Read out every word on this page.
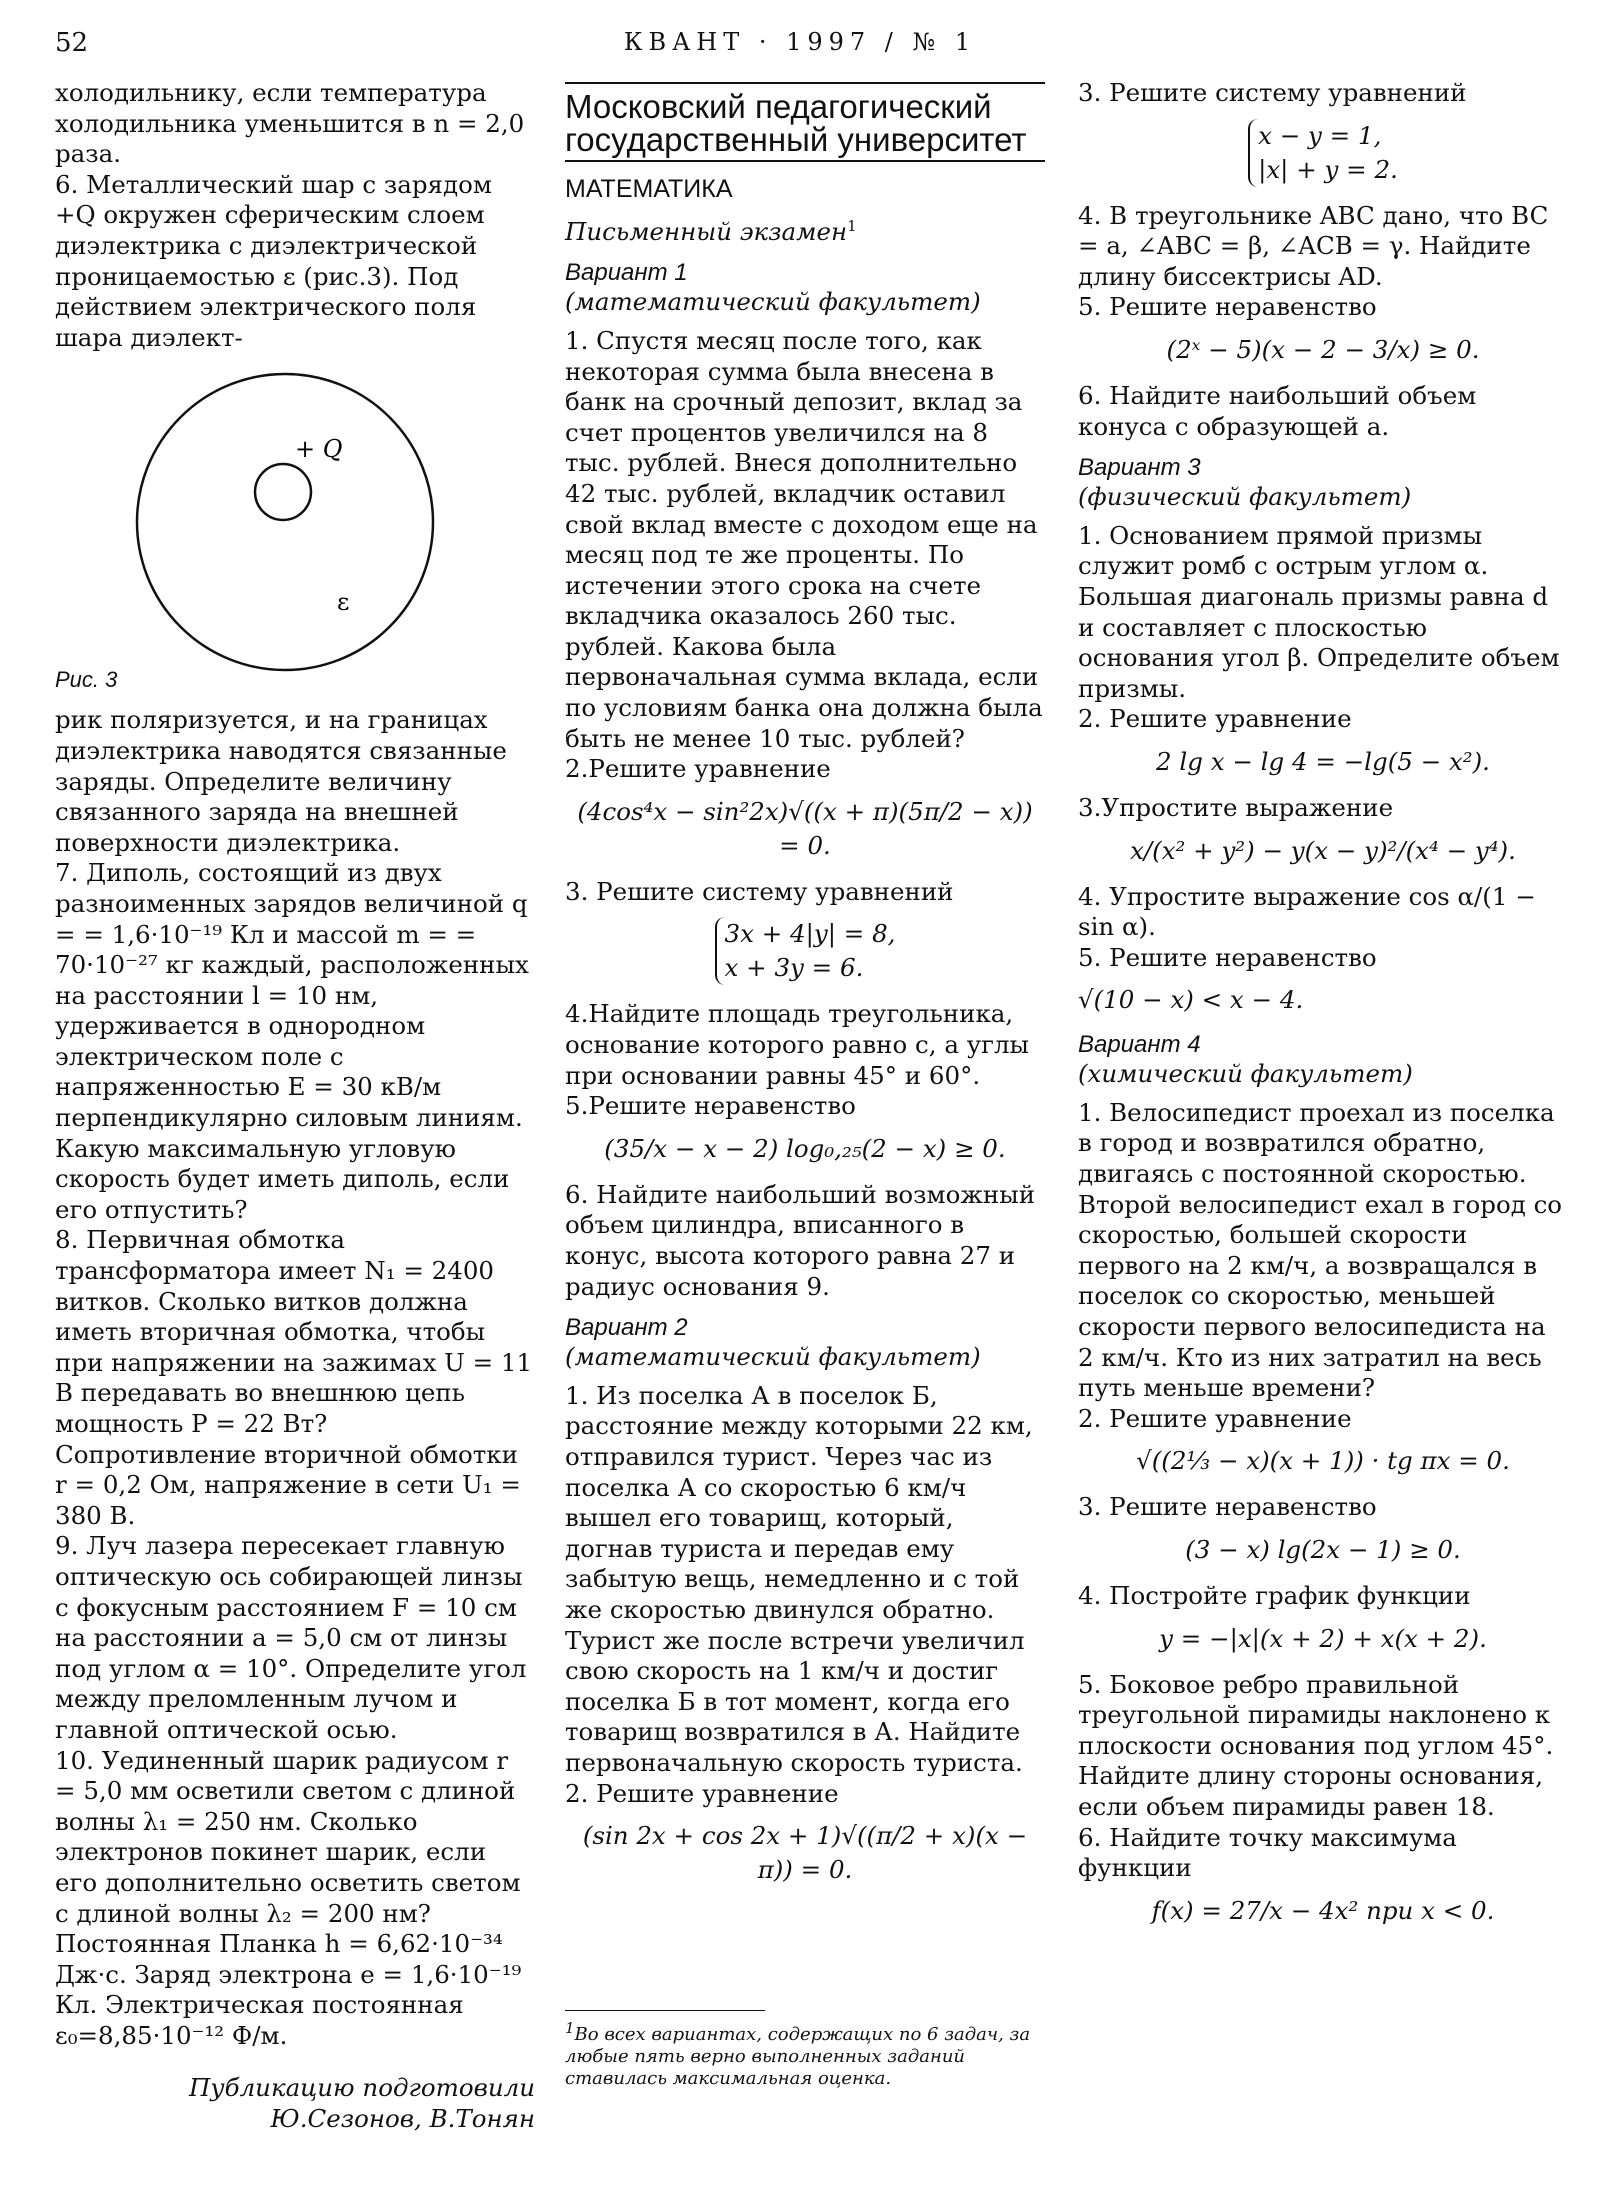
52	КВАНТ · 1997 / № 1

холодильнику, если температура холодильника уменьшится в n = 2,0 раза.

6. Металлический шар с зарядом +Q окружен сферическим слоем диэлектрика с диэлектрической проницаемостью ε (рис.3). Под действием электрического поля шара диэлект-

+ Q
ε
Рис. 3

рик поляризуется, и на границах диэлектрика наводятся связанные заряды. Определите величину связанного заряда на внешней поверхности диэлектрика.

7. Диполь, состоящий из двух разноименных зарядов величиной q = = 1,6·10⁻¹⁹ Кл и массой m = = 70·10⁻²⁷ кг каждый, расположенных на расстоянии l = 10 нм, удерживается в однородном электрическом поле с напряженностью E = 30 кВ/м перпендикулярно силовым линиям. Какую максимальную угловую скорость будет иметь диполь, если его отпустить?

8. Первичная обмотка трансформатора имеет N₁ = 2400 витков. Сколько витков должна иметь вторичная обмотка, чтобы при напряжении на зажимах U = 11 В передавать во внешнюю цепь мощность P = 22 Вт? Сопротивление вторичной обмотки r = 0,2 Ом, напряжение в сети U₁ = 380 В.

9. Луч лазера пересекает главную оптическую ось собирающей линзы с фокусным расстоянием F = 10 см на расстоянии a = 5,0 см от линзы под углом α = 10°. Определите угол между преломленным лучом и главной оптической осью.

10. Уединенный шарик радиусом r = 5,0 мм осветили светом с длиной волны λ₁ = 250 нм. Сколько электронов покинет шарик, если его дополнительно осветить светом с длиной волны λ₂ = 200 нм? Постоянная Планка h = 6,62·10⁻³⁴ Дж·с. Заряд электрона e = 1,6·10⁻¹⁹ Кл. Электрическая постоянная ε₀=8,85·10⁻¹² Ф/м.

Публикацию подготовили
Ю.Сезонов, В.Тонян
Московский педагогический государственный университет
МАТЕМАТИКА
Письменный экзамен$^1$
Вариант 1
(математический факультет)

1. Спустя месяц после того, как некоторая сумма была внесена в банк на срочный депозит, вклад за счет процентов увеличился на 8 тыс. рублей. Внеся дополнительно 42 тыс. рублей, вкладчик оставил свой вклад вместе с доходом еще на месяц под те же проценты. По истечении этого срока на счете вкладчика оказалось 260 тыс. рублей. Какова была первоначальная сумма вклада, если по условиям банка она должна была быть не менее 10 тыс. рублей?

2.Решите уравнение

(4cos⁴x − sin²2x)√((x + π)(5π/2 − x)) = 0.

3. Решите систему уравнений

3x + 4|y| = 8,
x + 3y = 6.

4.Найдите площадь треугольника, основание которого равно c, а углы при основании равны 45° и 60°.

5.Решите неравенство

(35/x − x − 2) log₀,₂₅(2 − x) ≥ 0.

6. Найдите наибольший возможный объем цилиндра, вписанного в конус, высота которого равна 27 и радиус основания 9.

Вариант 2
(математический факультет)

1. Из поселка А в поселок Б, расстояние между которыми 22 км, отправился турист. Через час из поселка А со скоростью 6 км/ч вышел его товарищ, который, догнав туриста и передав ему забытую вещь, немедленно и с той же скоростью двинулся обратно. Турист же после встречи увеличил свою скорость на 1 км/ч и достиг поселка Б в тот момент, когда его товарищ возвратился в А. Найдите первоначальную скорость туриста.

2. Решите уравнение

(sin 2x + cos 2x + 1)√((π/2 + x)(x − π)) = 0.
$^1$Во всех вариантах, содержащих по 6 задач, за любые пять верно выполненных заданий ставилась максимальная оценка.

3. Решите систему уравнений

x − y = 1,
|x| + y = 2.

4. В треугольнике ABC дано, что BC = a, ∠ABC = β, ∠ACB = γ. Найдите длину биссектрисы AD.

5. Решите неравенство

(2ˣ − 5)(x − 2 − 3/x) ≥ 0.

6. Найдите наибольший объем конуса с образующей a.

Вариант 3
(физический факультет)

1. Основанием прямой призмы служит ромб с острым углом α. Большая диагональ призмы равна d и составляет с плоскостью основания угол β. Определите объем призмы.

2. Решите уравнение

2 lg x − lg 4 = −lg(5 − x²).

3.Упростите выражение

x/(x² + y²) − y(x − y)²/(x⁴ − y⁴).

4. Упростите выражение cos α/(1 − sin α).

5. Решите неравенство

√(10 − x) < x − 4.
Вариант 4
(химический факультет)

1. Велосипедист проехал из поселка в город и возвратился обратно, двигаясь с постоянной скоростью. Второй велосипедист ехал в город со скоростью, большей скорости первого на 2 км/ч, а возвращался в поселок со скоростью, меньшей скорости первого велосипедиста на 2 км/ч. Кто из них затратил на весь путь меньше времени?

2. Решите уравнение

√((2⅓ − x)(x + 1)) · tg πx = 0.

3. Решите неравенство

(3 − x) lg(2x − 1) ≥ 0.

4. Постройте график функции

y = −|x|(x + 2) + x(x + 2).

5. Боковое ребро правильной треугольной пирамиды наклонено к плоскости основания под углом 45°. Найдите длину стороны основания, если объем пирамиды равен 18.

6. Найдите точку максимума функции

f(x) = 27/x − 4x² при x < 0.
